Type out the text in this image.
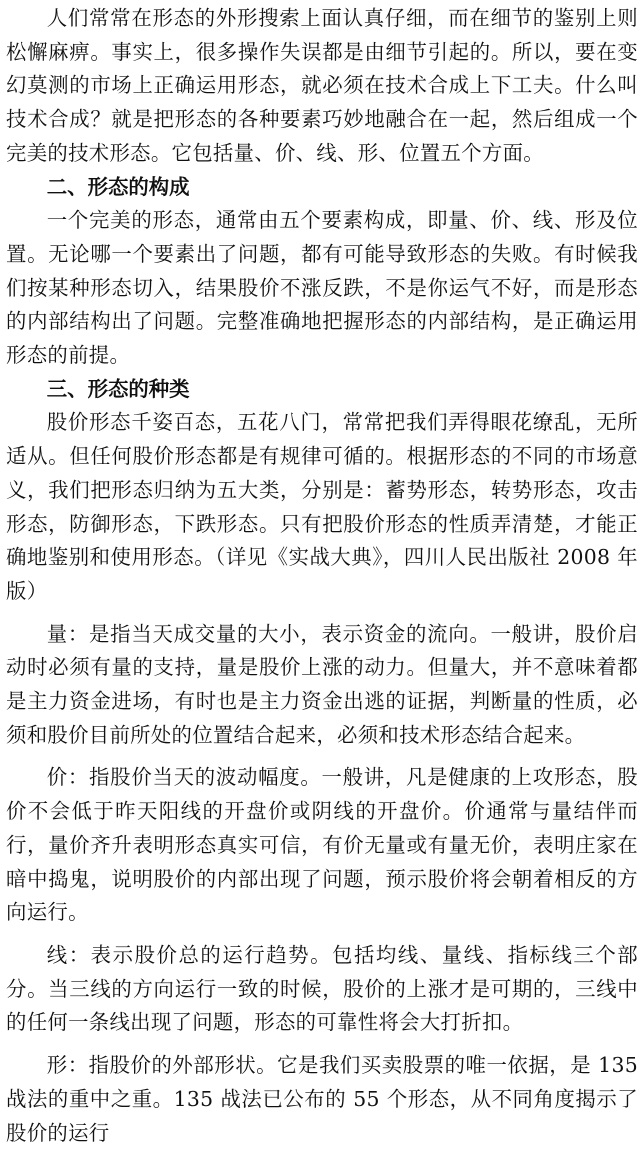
人们常常在形态的外形搜索上面认真仔细，而在细节的鉴别上则松懈麻痹。事实上，很多操作失误都是由细节引起的。所以，要在变幻莫测的市场上正确运用形态，就必须在技术合成上下工夫。什么叫技术合成？就是把形态的各种要素巧妙地融合在一起，然后组成一个完美的技术形态。它包括量、价、线、形、位置五个方面。

二、形态的构成

一个完美的形态，通常由五个要素构成，即量、价、线、形及位置。无论哪一个要素出了问题，都有可能导致形态的失败。有时候我们按某种形态切入，结果股价不涨反跌，不是你运气不好，而是形态的内部结构出了问题。完整准确地把握形态的内部结构，是正确运用形态的前提。

三、形态的种类

股价形态千姿百态，五花八门，常常把我们弄得眼花缭乱，无所适从。但任何股价形态都是有规律可循的。根据形态的不同的市场意义，我们把形态归纳为五大类，分别是：蓄势形态，转势形态，攻击形态，防御形态，下跌形态。只有把股价形态的性质弄清楚，才能正确地鉴别和使用形态。（详见《实战大典》，四川人民出版社 2008 年版）

量：是指当天成交量的大小，表示资金的流向。一般讲，股价启动时必须有量的支持，量是股价上涨的动力。但量大，并不意味着都是主力资金进场，有时也是主力资金出逃的证据，判断量的性质，必须和股价目前所处的位置结合起来，必须和技术形态结合起来。

价：指股价当天的波动幅度。一般讲，凡是健康的上攻形态，股价不会低于昨天阳线的开盘价或阴线的开盘价。价通常与量结伴而行，量价齐升表明形态真实可信，有价无量或有量无价，表明庄家在暗中捣鬼，说明股价的内部出现了问题，预示股价将会朝着相反的方向运行。

线：表示股价总的运行趋势。包括均线、量线、指标线三个部分。当三线的方向运行一致的时候，股价的上涨才是可期的，三线中的任何一条线出现了问题，形态的可靠性将会大打折扣。

形：指股价的外部形状。它是我们买卖股票的唯一依据，是 135 战法的重中之重。135 战法已公布的 55 个形态，从不同角度揭示了股价的运行
